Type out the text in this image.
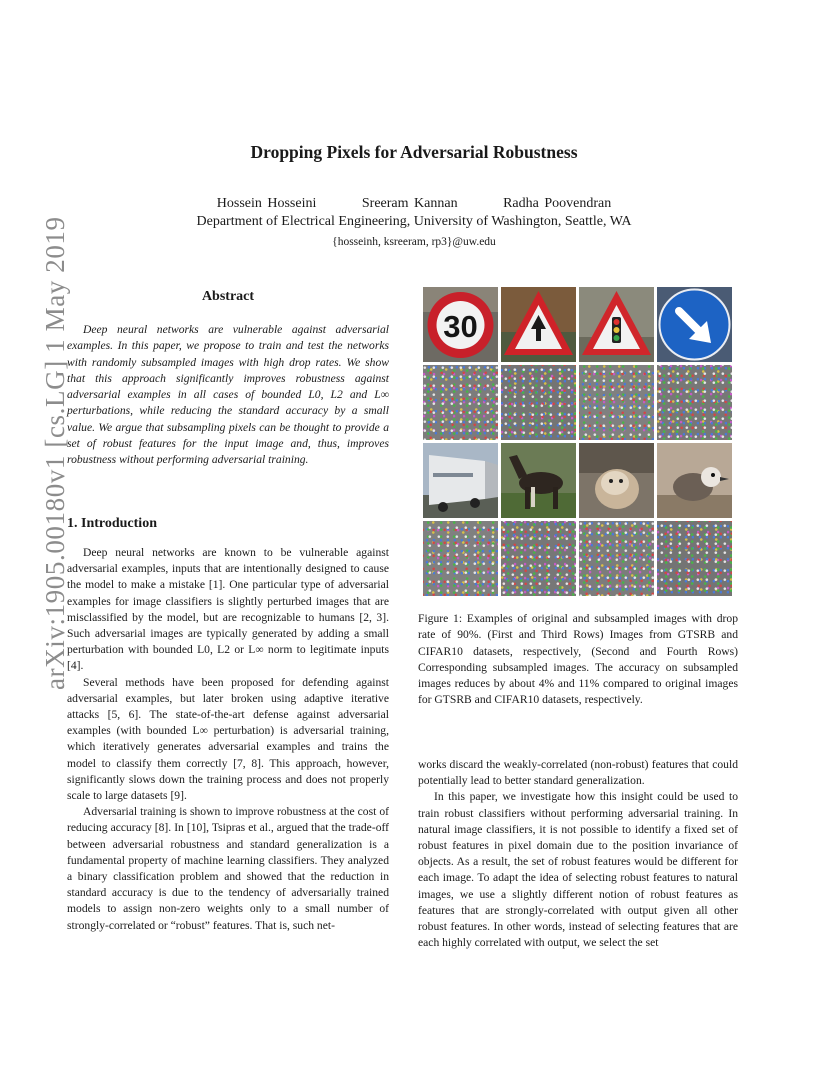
arXiv:1905.00180v1 [cs.LG] 1 May 2019
Dropping Pixels for Adversarial Robustness
Hossein Hosseini	Sreeram Kannan	Radha Poovendran
Department of Electrical Engineering, University of Washington, Seattle, WA
{hosseinh, ksreeram, rp3}@uw.edu
Abstract

Deep neural networks are vulnerable against adversarial examples. In this paper, we propose to train and test the networks with randomly subsampled images with high drop rates. We show that this approach significantly improves robustness against adversarial examples in all cases of bounded L0, L2 and L∞ perturbations, while reducing the standard accuracy by a small value. We argue that subsampling pixels can be thought to provide a set of robust features for the input image and, thus, improves robustness without performing adversarial training.

1. Introduction

Deep neural networks are known to be vulnerable against adversarial examples, inputs that are intentionally designed to cause the model to make a mistake [1]. One particular type of adversarial examples for image classifiers is slightly perturbed images that are misclassified by the model, but are recognizable to humans [2, 3]. Such adversarial images are typically generated by adding a small perturbation with bounded L0, L2 or L∞ norm to legitimate inputs [4].

Several methods have been proposed for defending against adversarial examples, but later broken using adaptive iterative attacks [5, 6]. The state-of-the-art defense against adversarial examples (with bounded L∞ perturbation) is adversarial training, which iteratively generates adversarial examples and trains the model to classify them correctly [7, 8]. This approach, however, significantly slows down the training process and does not properly scale to large datasets [9].

Adversarial training is shown to improve robustness at the cost of reducing accuracy [8]. In [10], Tsipras et al., argued that the trade-off between adversarial robustness and standard generalization is a fundamental property of machine learning classifiers. They analyzed a binary classification problem and showed that the reduction in standard accuracy is due to the tendency of adversarially trained models to assign non-zero weights only to a small number of strongly-correlated or “robust” features. That is, such net-

30

Figure 1: Examples of original and subsampled images with drop rate of 90%. (First and Third Rows) Images from GTSRB and CIFAR10 datasets, respectively, (Second and Fourth Rows) Corresponding subsampled images. The accuracy on subsampled images reduces by about 4% and 11% compared to original images for GTSRB and CIFAR10 datasets, respectively.

works discard the weakly-correlated (non-robust) features that could potentially lead to better standard generalization.

In this paper, we investigate how this insight could be used to train robust classifiers without performing adversarial training. In natural image classifiers, it is not possible to identify a fixed set of robust features in pixel domain due to the position invariance of objects. As a result, the set of robust features would be different for each image. To adapt the idea of selecting robust features to natural images, we use a slightly different notion of robust features as features that are strongly-correlated with output given all other robust features. In other words, instead of selecting features that are each highly correlated with output, we select the set
